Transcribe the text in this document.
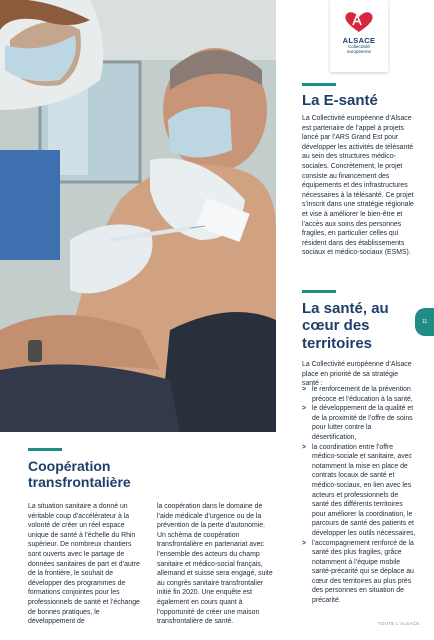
ALSACE
Collectivité
européenne
La E-santé

La Collectivité européenne d’Alsace est partenaire de l’appel à projets lancé par l’ARS Grand Est pour développer les activités de télésanté au sein des structures médico-sociales. Concrètement, le projet consiste au financement des équipements et des infrastructures nécessaires à la télésanté. Ce projet s’inscrit dans une stratégie régionale et vise à améliorer le bien-être et l’accès aux soins des personnes fragiles, en particulier celles qui résident dans des établissements sociaux et médico-sociaux (ESMS).

La santé, au cœur des territoires

La Collectivité européenne d’Alsace place en priorité de sa stratégie santé :

> le renforcement de la prévention précoce et l’éducation à la santé,
> le développement de la qualité et de la proximité de l’offre de soins pour lutter contre la désertification,
> la coordination entre l’offre médico-sociale et sanitaire, avec notamment la mise en place de contrats locaux de santé et médico-sociaux, en lien avec les acteurs et professionnels de santé des différents territoires pour améliorer la coordination, le parcours de santé des patients et développer les outils nécessaires,
> l’accompagnement renforcé de la santé des plus fragiles, grâce notamment à l’équipe mobile santé-précarité qui se déplace au cœur des territoires au plus près des personnes en situation de précarité.
Coopération transfrontalière

La situation sanitaire a donné un véritable coup d’accélérateur à la volonté de créer un réel espace unique de santé à l’échelle du Rhin supérieur. De nombreux chantiers sont ouverts avec le partage de données sanitaires de part et d’autre de la frontière, le souhait de développer des programmes de formations conjointes pour les professionnels de santé et l’échange de bonnes pratiques, le développement de

la coopération dans le domaine de l’aide médicale d’urgence ou de la prévention de la perte d’autonomie. Un schéma de coopération transfrontalière en partenariat avec l’ensemble des acteurs du champ sanitaire et médico-social français, allemand et suisse sera engagé, suite au congrès sanitaire transfrontalier initié fin 2020. Une enquête est également en cours quant à l’opportunité de créer une maison transfrontalière de santé.

11
TOUTE L'ALSACE
